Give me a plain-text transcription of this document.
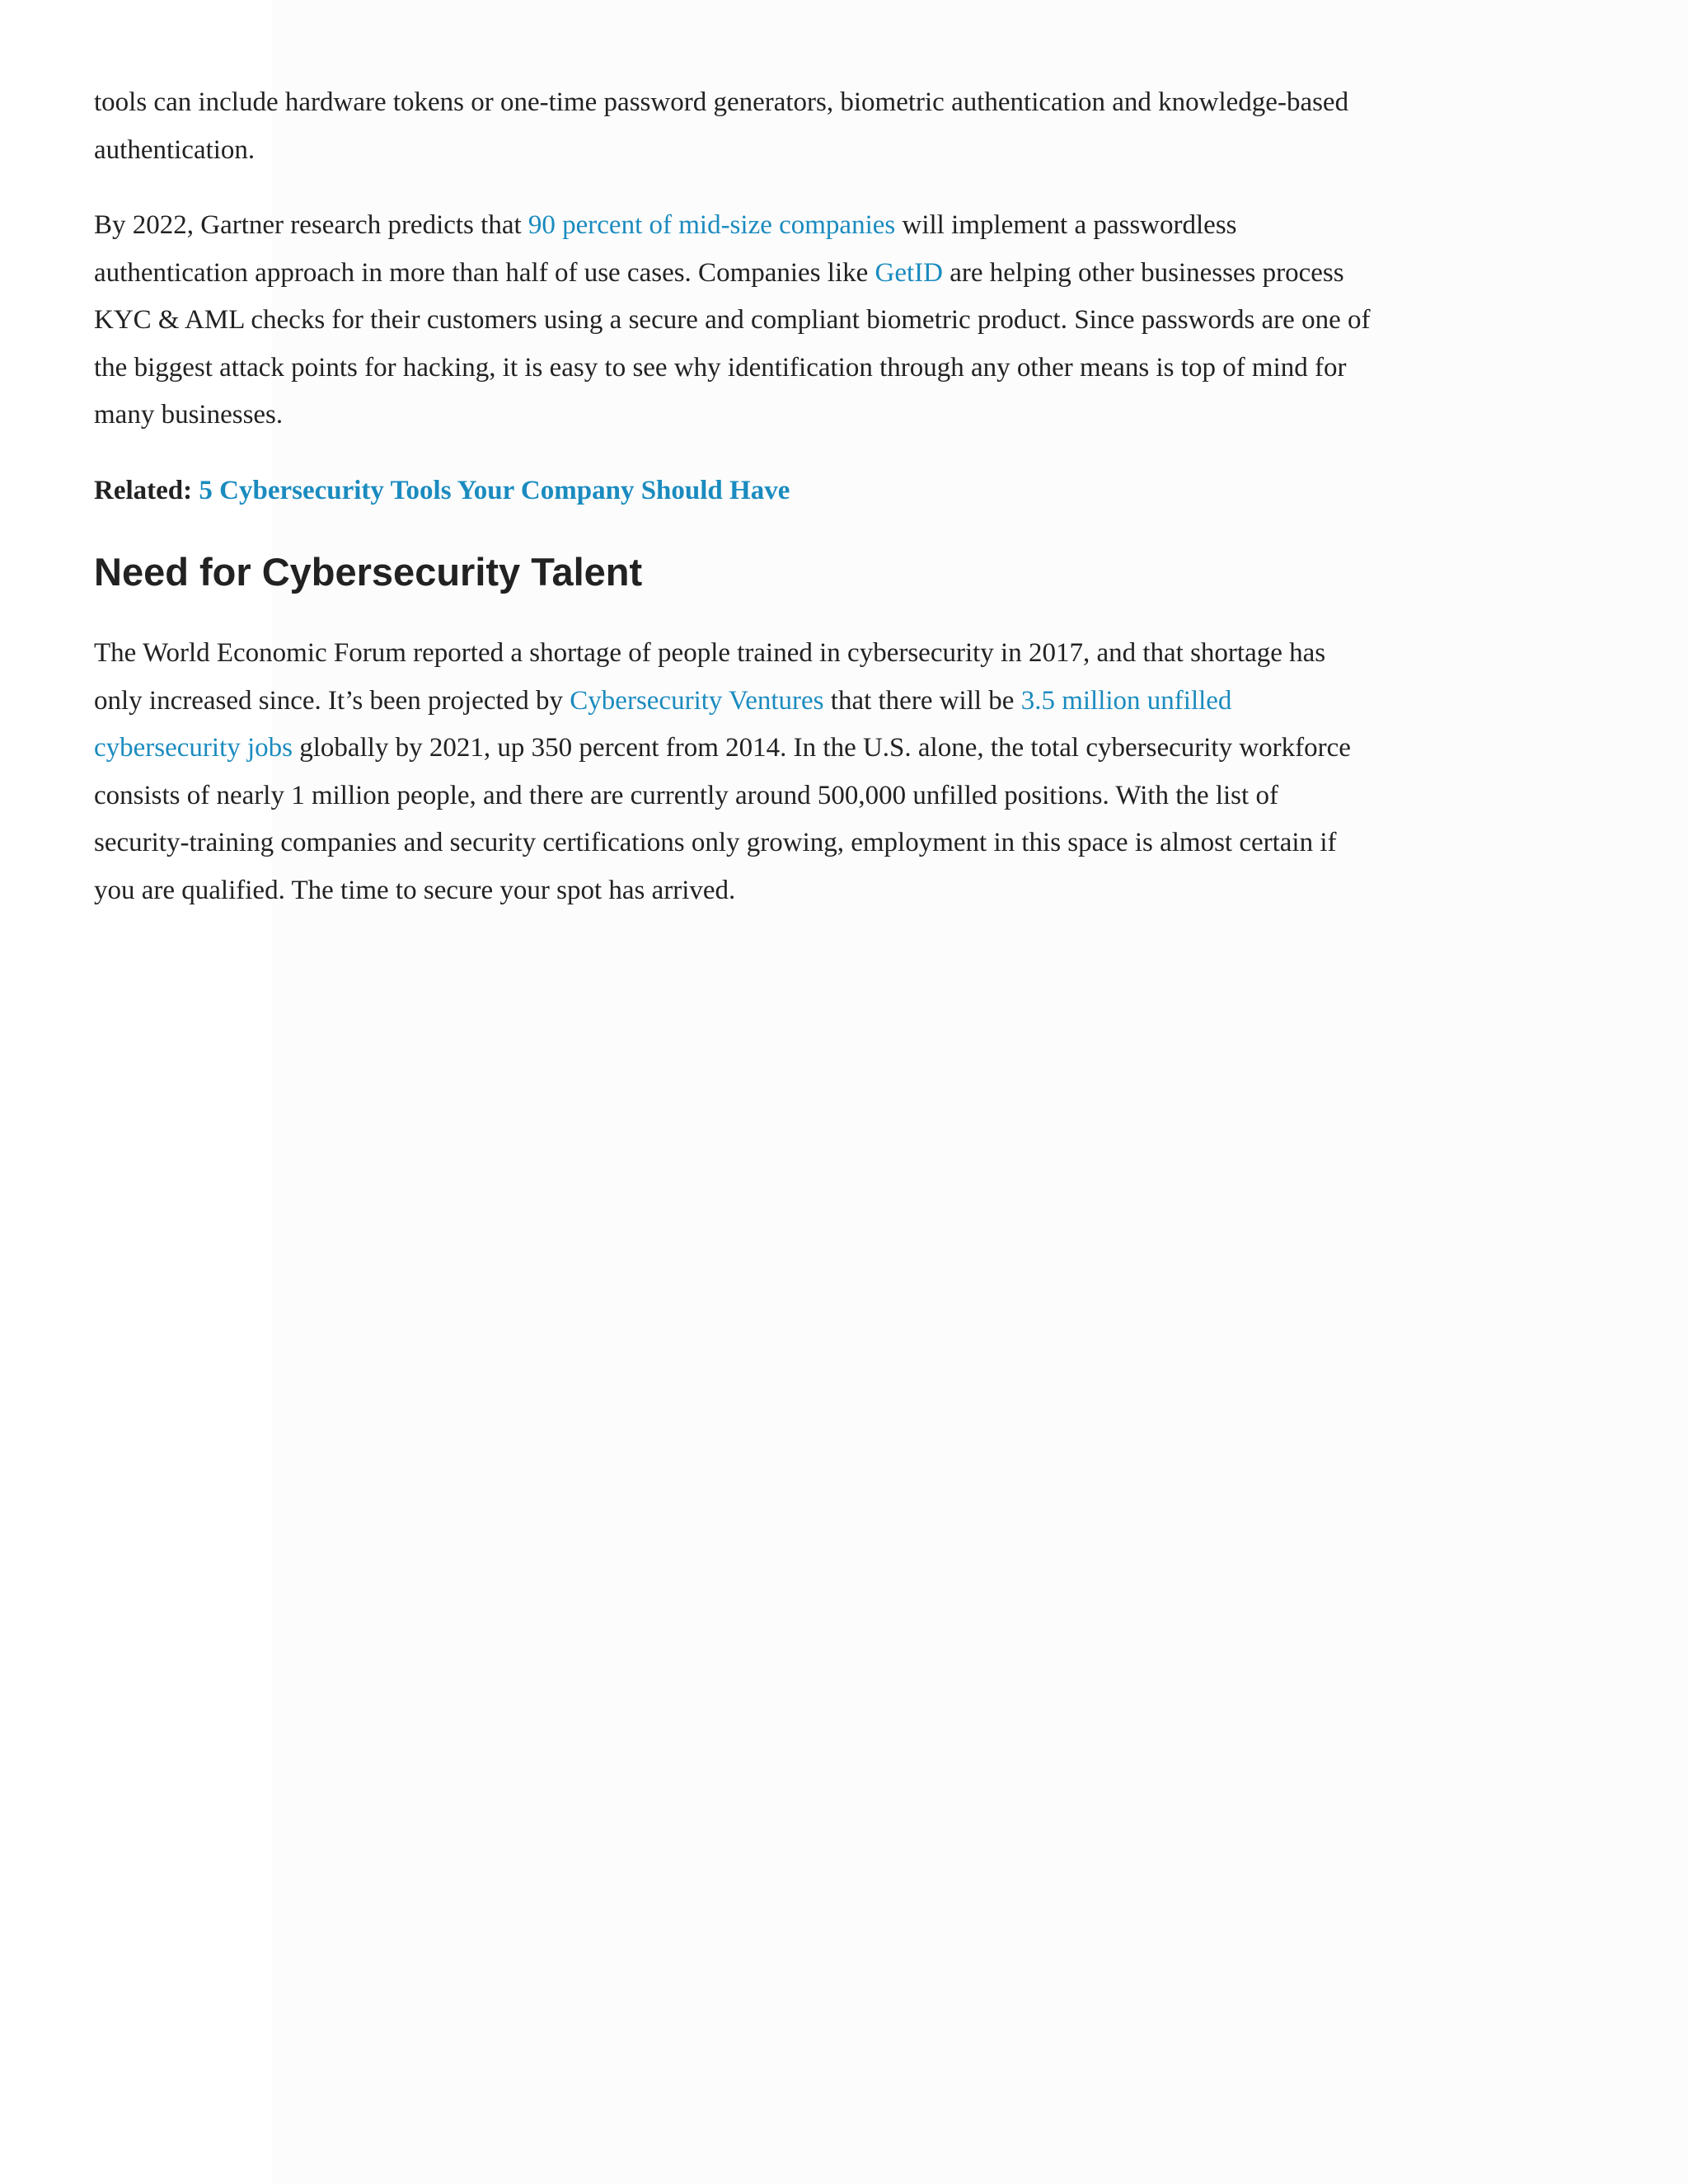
tools can include hardware tokens or one-time password generators, biometric authentication and knowledge-based authentication.

By 2022, Gartner research predicts that 90 percent of mid-size companies will implement a passwordless authentication approach in more than half of use cases. Companies like GetID are helping other businesses process KYC & AML checks for their customers using a secure and compliant biometric product. Since passwords are one of the biggest attack points for hacking, it is easy to see why identification through any other means is top of mind for many businesses.

Related: 5 Cybersecurity Tools Your Company Should Have

Need for Cybersecurity Talent

The World Economic Forum reported a shortage of people trained in cybersecurity in 2017, and that shortage has only increased since. It’s been projected by Cybersecurity Ventures that there will be 3.5 million unfilled cybersecurity jobs globally by 2021, up 350 percent from 2014. In the U.S. alone, the total cybersecurity workforce consists of nearly 1 million people, and there are currently around 500,000 unfilled positions. With the list of security-training companies and security certifications only growing, employment in this space is almost certain if you are qualified. The time to secure your spot has arrived.
